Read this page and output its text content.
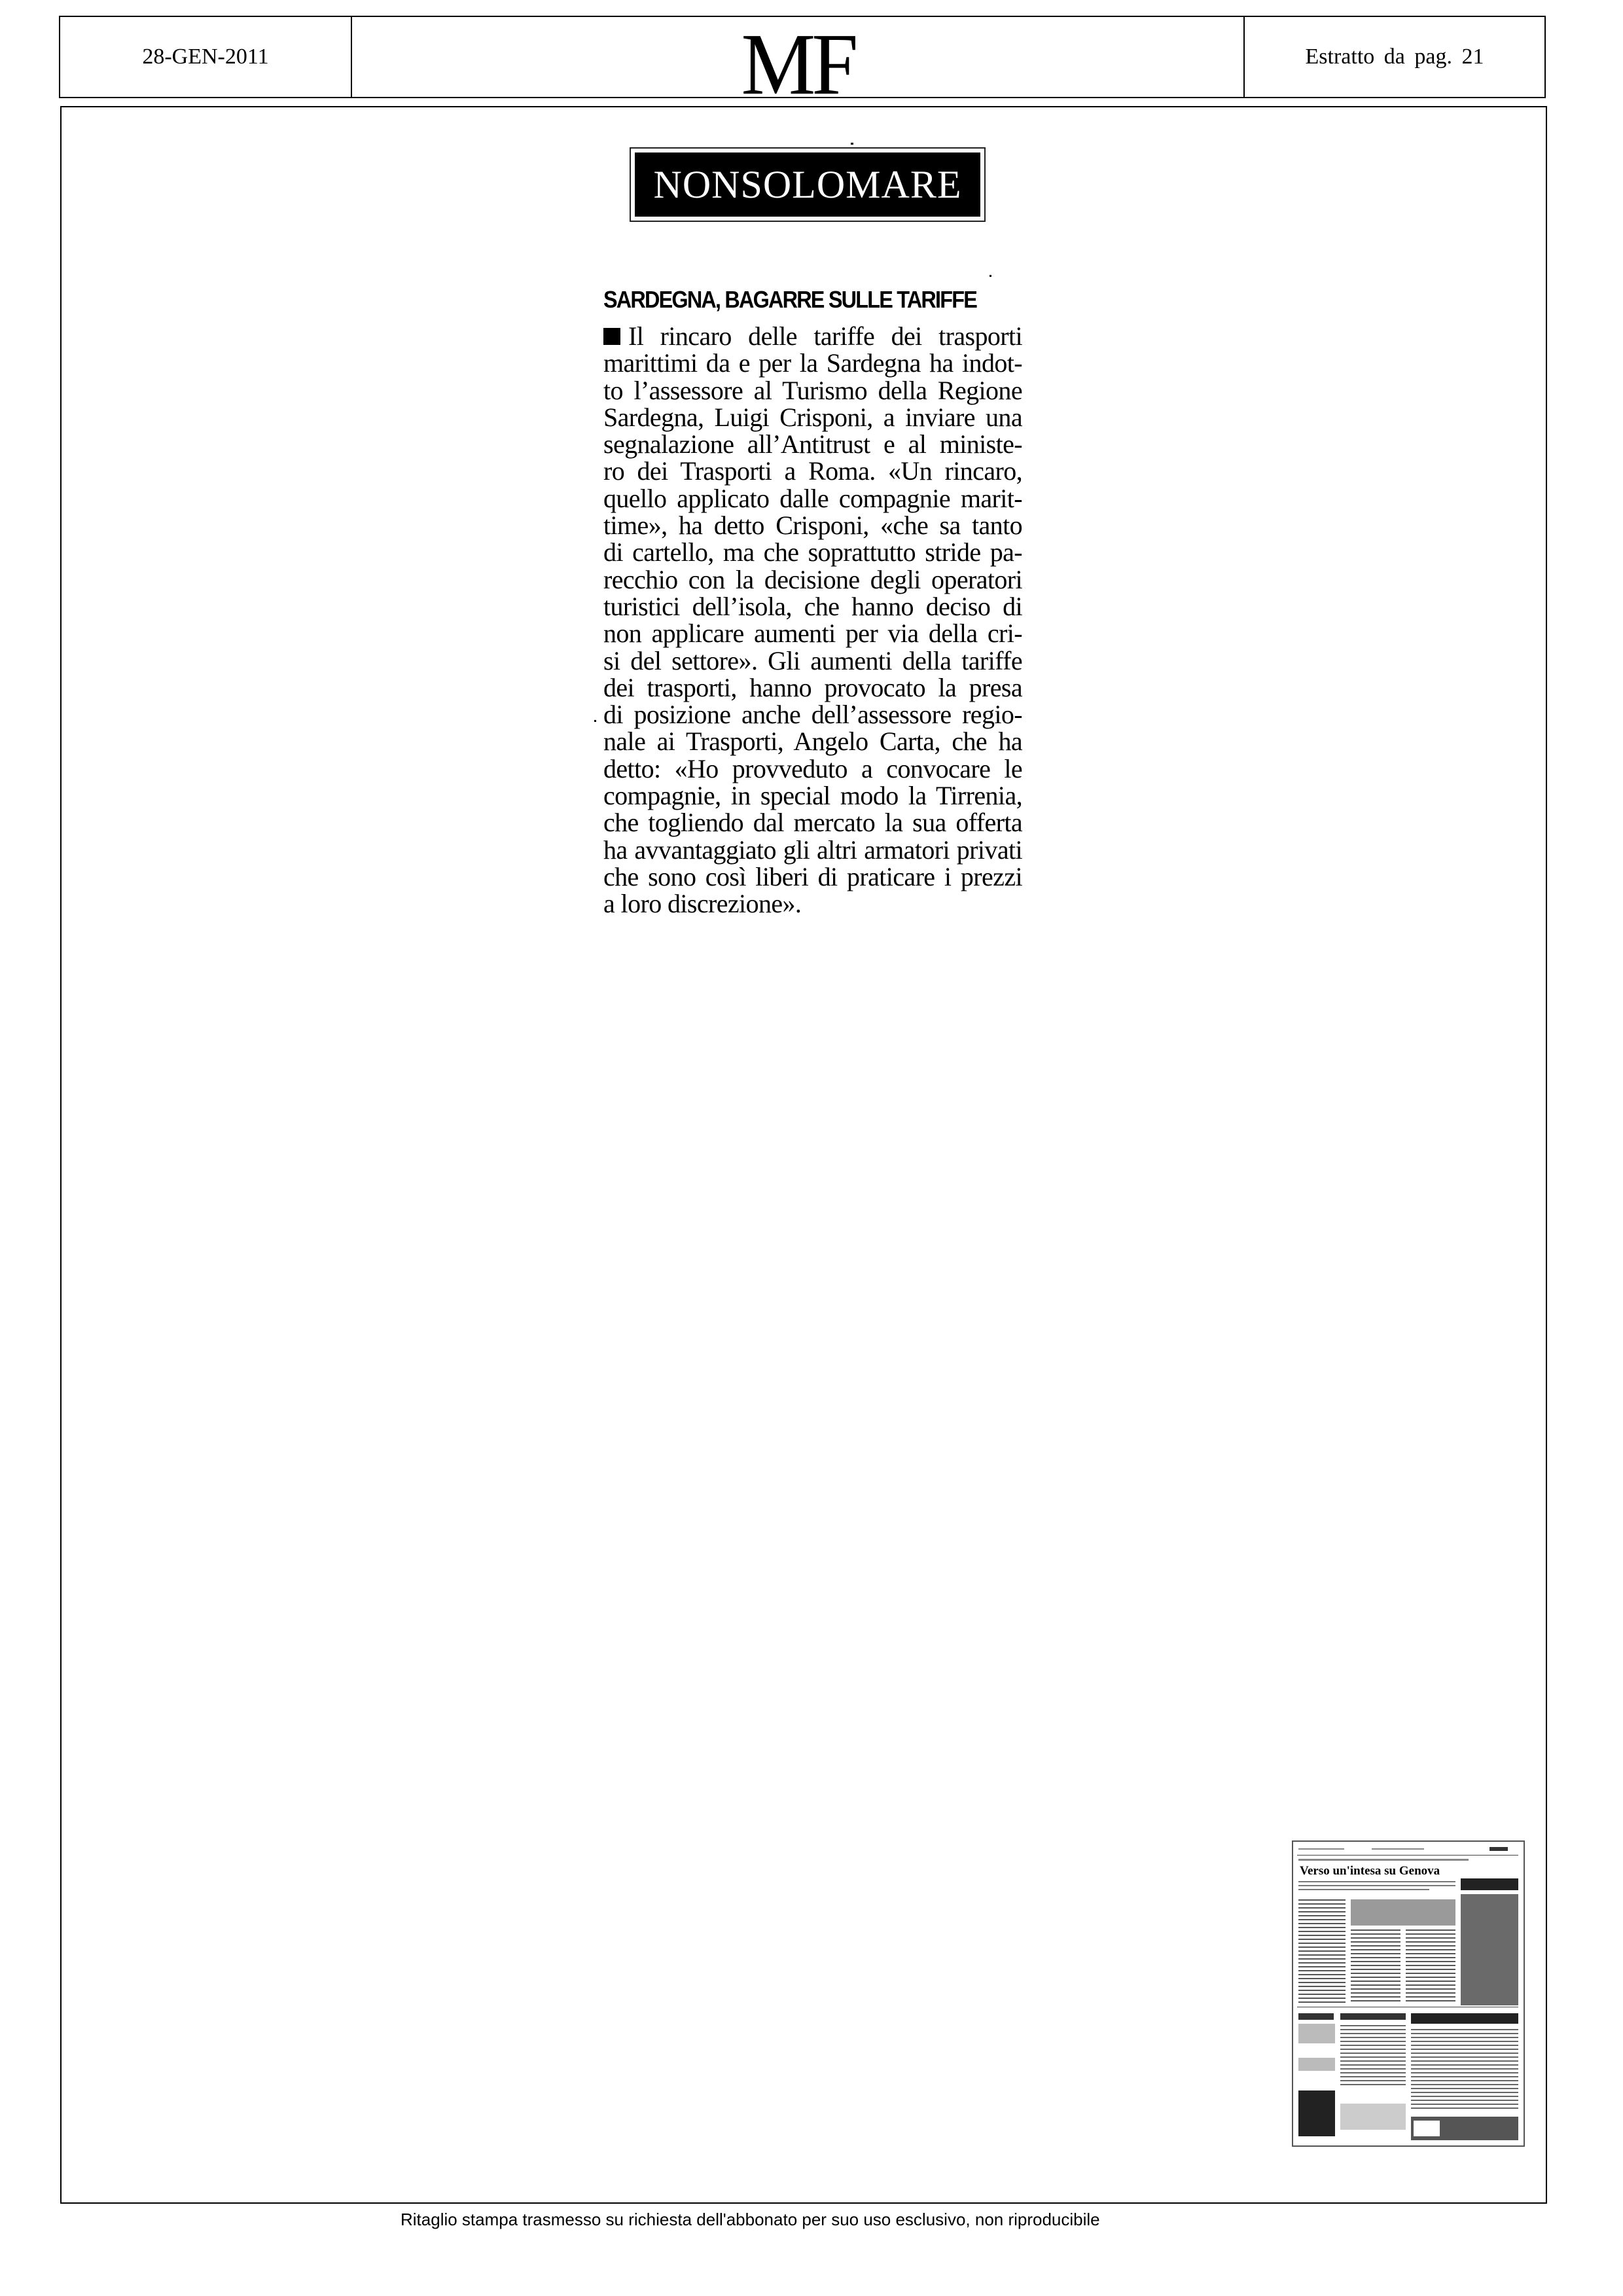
28-GEN-2011	MF	Estratto da pag. 21
NONSOLOMARE
SARDEGNA, BAGARRE SULLE TARIFFE
Il rincaro delle tariffe dei trasporti
marittimi da e per la Sardegna ha indot-
to l’assessore al Turismo della Regione
Sardegna, Luigi Crisponi, a inviare una
segnalazione all’Antitrust e al ministe-
ro dei Trasporti a Roma. «Un rincaro,
quello applicato dalle compagnie marit-
time», ha detto Crisponi, «che sa tanto
di cartello, ma che soprattutto stride pa-
recchio con la decisione degli operatori
turistici dell’isola, che hanno deciso di
non applicare aumenti per via della cri-
si del settore». Gli aumenti della tariffe
dei trasporti, hanno provocato la presa
di posizione anche dell’assessore regio-
nale ai Trasporti, Angelo Carta, che ha
detto: «Ho provveduto a convocare le
compagnie, in special modo la Tirrenia,
che togliendo dal mercato la sua offerta
ha avvantaggiato gli altri armatori privati
che sono così liberi di praticare i prezzi
a loro discrezione».
Verso un'intesa su Genova
Ritaglio stampa trasmesso su richiesta dell'abbonato per suo uso esclusivo, non riproducibile
